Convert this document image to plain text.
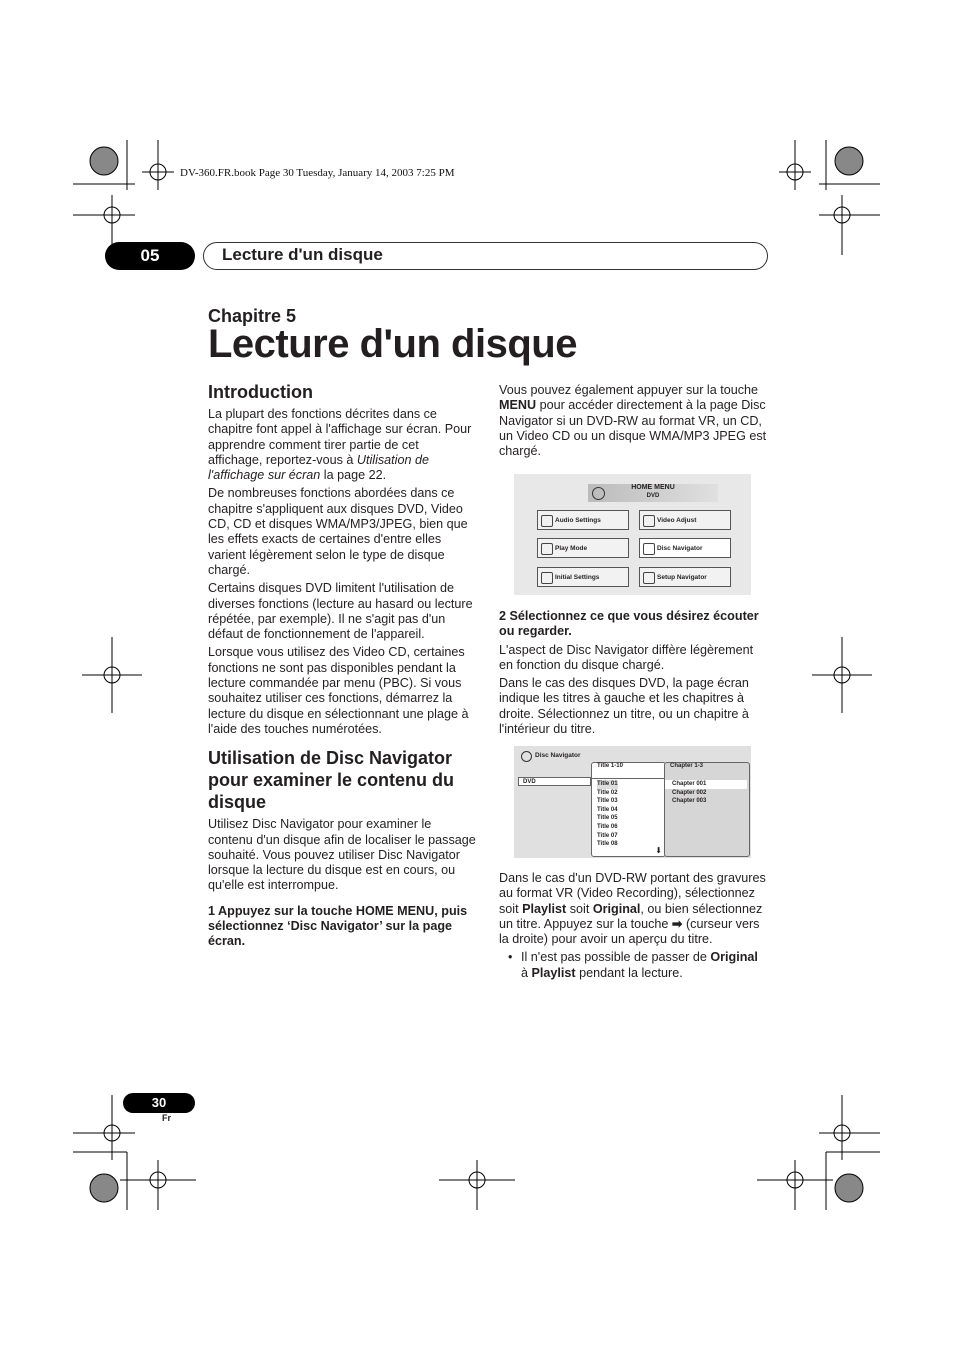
DV-360.FR.book Page 30 Tuesday, January 14, 2003 7:25 PM
05	Lecture d'un disque
Chapitre 5
Lecture d'un disque
Introduction

La plupart des fonctions décrites dans ce chapitre font appel à l'affichage sur écran. Pour apprendre comment tirer partie de cet affichage, reportez-vous à Utilisation de l'affichage sur écran la page 22.

De nombreuses fonctions abordées dans ce chapitre s'appliquent aux disques DVD, Video CD, CD et disques WMA/MP3/JPEG, bien que les effets exacts de certaines d'entre elles varient légèrement selon le type de disque chargé.

Certains disques DVD limitent l'utilisation de diverses fonctions (lecture au hasard ou lecture répétée, par exemple). Il ne s'agit pas d'un défaut de fonctionnement de l'appareil.

Lorsque vous utilisez des Video CD, certaines fonctions ne sont pas disponibles pendant la lecture commandée par menu (PBC). Si vous souhaitez utiliser ces fonctions, démarrez la lecture du disque en sélectionnant une plage à l'aide des touches numérotées.

Utilisation de Disc Navigator pour examiner le contenu du disque

Utilisez Disc Navigator pour examiner le contenu d'un disque afin de localiser le passage souhaité. Vous pouvez utiliser Disc Navigator lorsque la lecture du disque est en cours, ou qu'elle est interrompue.

1 Appuyez sur la touche HOME MENU, puis sélectionnez ‘Disc Navigator’ sur la page écran.

Vous pouvez également appuyer sur la touche MENU pour accéder directement à la page Disc Navigator si un DVD-RW au format VR, un CD, un Video CD ou un disque WMA/MP3 JPEG est chargé.

HOME MENU
DVD
Audio Settings	Video Adjust
Play Mode	Disc Navigator
Initial Settings	Setup Navigator

2 Sélectionnez ce que vous désirez écouter ou regarder.

L'aspect de Disc Navigator diffère légèrement en fonction du disque chargé.

Dans le cas des disques DVD, la page écran indique les titres à gauche et les chapitres à droite. Sélectionnez un titre, ou un chapitre à l'intérieur du titre.

Disc Navigator
DVD
Title 1-10
Title 01
Title 02
Title 03
Title 04
Title 05
Title 06
Title 07
Title 08
⬇
Chapter 1-3
Chapter 001
Chapter 002
Chapter 003

Dans le cas d'un DVD-RW portant des gravures au format VR (Video Recording), sélectionnez soit Playlist soit Original, ou bien sélectionnez un titre. Appuyez sur la touche ➡ (curseur vers la droite) pour avoir un aperçu du titre.

• Il n'est pas possible de passer de Original à Playlist pendant la lecture.

30
Fr
